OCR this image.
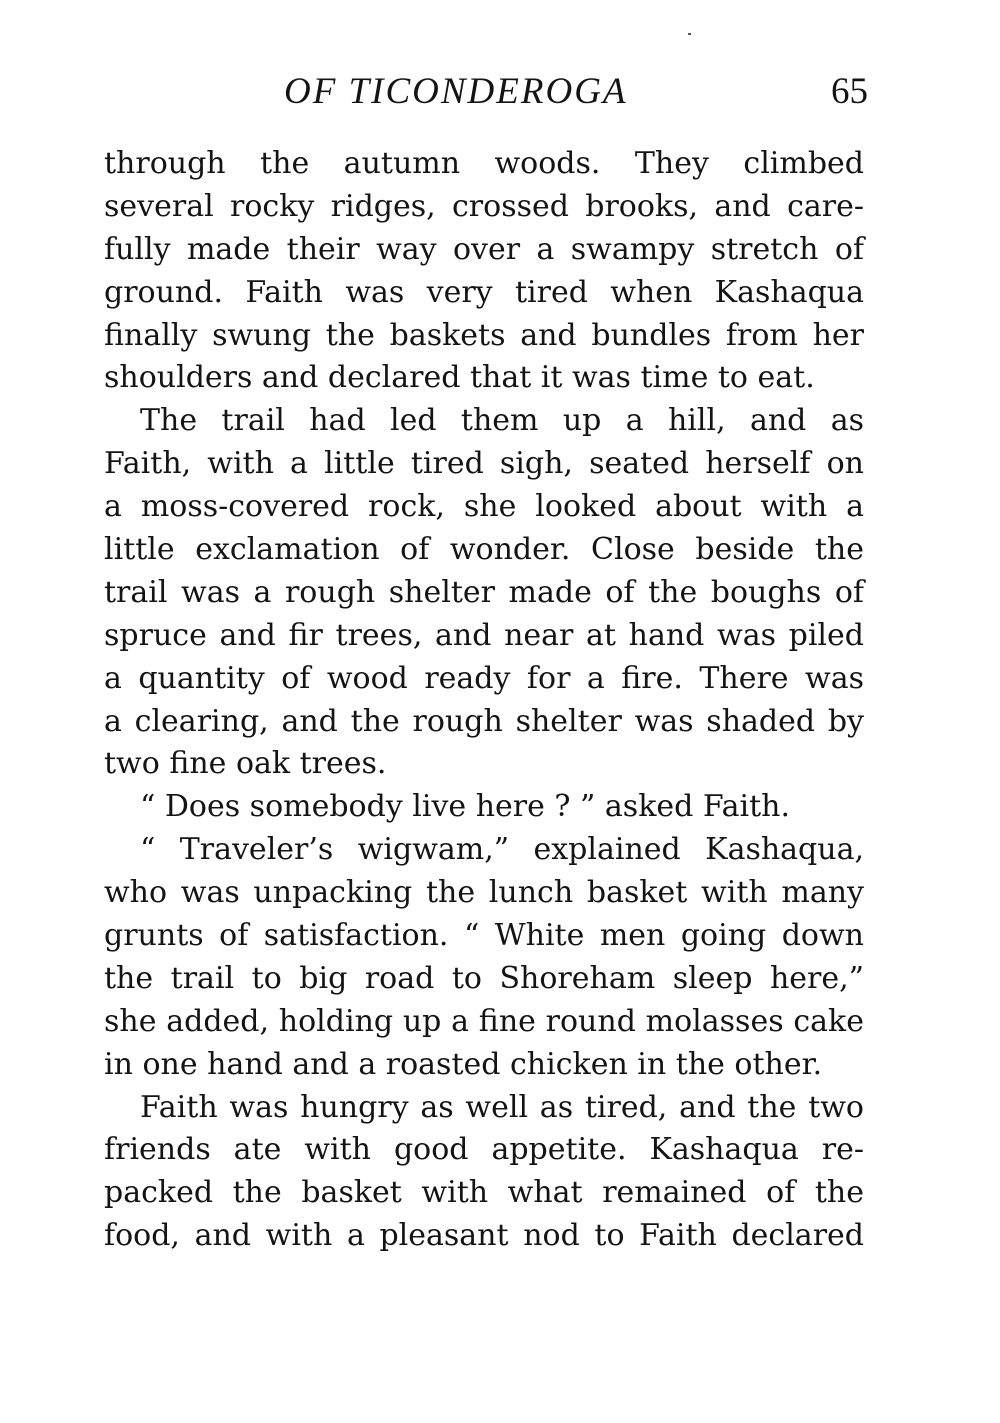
OF TICONDEROGA	65
through the autumn woods. They climbed
several rocky ridges, crossed brooks, and care-
fully made their way over a swampy stretch of
ground. Faith was very tired when Kashaqua
finally swung the baskets and bundles from her
shoulders and declared that it was time to eat.
The trail had led them up a hill, and as
Faith, with a little tired sigh, seated herself on
a moss-covered rock, she looked about with a
little exclamation of wonder. Close beside the
trail was a rough shelter made of the boughs of
spruce and fir trees, and near at hand was piled
a quantity of wood ready for a fire. There was
a clearing, and the rough shelter was shaded by
two fine oak trees.
“ Does somebody live here ? ” asked Faith.
“ Traveler’s wigwam,” explained Kashaqua,
who was unpacking the lunch basket with many
grunts of satisfaction. “ White men going down
the trail to big road to Shoreham sleep here,”
she added, holding up a fine round molasses cake
in one hand and a roasted chicken in the other.
Faith was hungry as well as tired, and the two
friends ate with good appetite. Kashaqua re-
packed the basket with what remained of the
food, and with a pleasant nod to Faith declared
